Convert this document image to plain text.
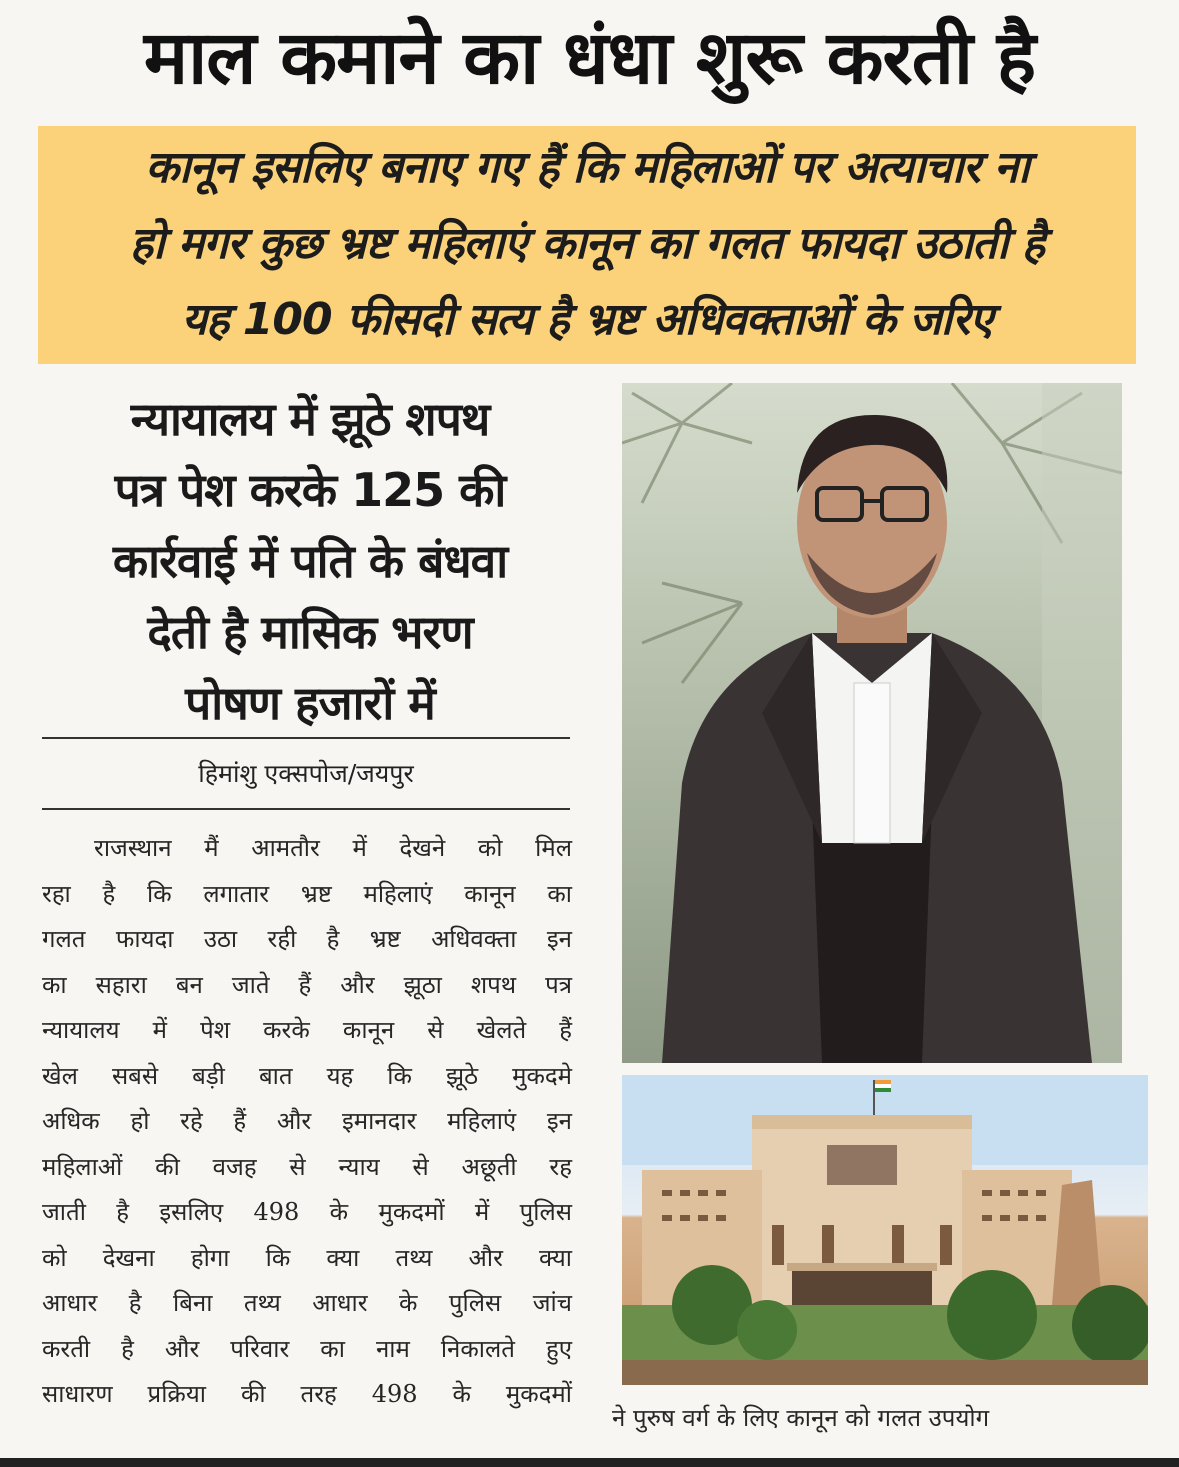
माल कमाने का धंधा शुरू करती है

कानून इसलिए बनाए गए हैं कि महिलाओं पर अत्याचार ना

हो मगर कुछ भ्रष्ट महिलाएं कानून का गलत फायदा उठाती है

यह 100 फीसदी सत्य है भ्रष्ट अधिवक्ताओं के जरिए

न्यायालय में झूठे शपथ
पत्र पेश करके 125 की
कार्रवाई में पति के बंधवा
देती है मासिक भरण
पोषण हजारों में
हिमांशु एक्सपोज/जयपुर
राजस्थान मैं आमतौर में देखने को मिल
रहा है कि लगातार भ्रष्ट महिलाएं कानून का
गलत फायदा उठा रही है भ्रष्ट अधिवक्ता इन
का सहारा बन जाते हैं और झूठा शपथ पत्र
न्यायालय में पेश करके कानून से खेलते हैं
खेल सबसे बड़ी बात यह कि झूठे मुकदमे
अधिक हो रहे हैं और इमानदार महिलाएं इन
महिलाओं की वजह से न्याय से अछूती रह
जाती है इसलिए 498 के मुकदमों में पुलिस
को देखना होगा कि क्या तथ्य और क्या
आधार है बिना तथ्य आधार के पुलिस जांच
करती है और परिवार का नाम निकालते हुए
साधारण प्रक्रिया की तरह 498 के मुकदमों
ने पुरुष वर्ग के लिए कानून को गलत उपयोग
